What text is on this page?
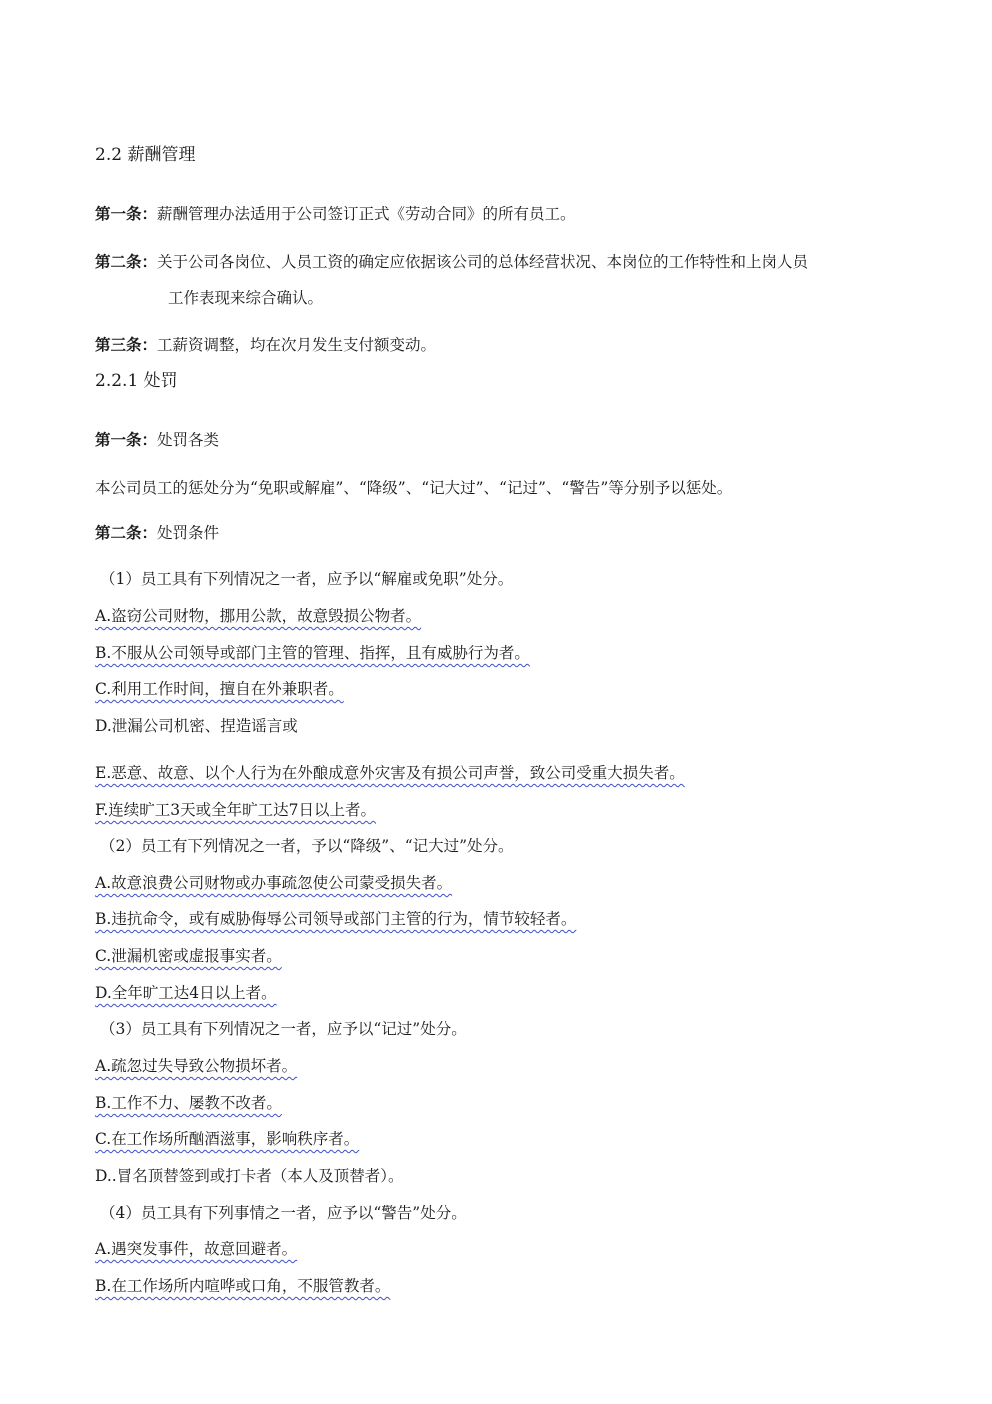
2.2 薪酬管理
第一条：薪酬管理办法适用于公司签订正式《劳动合同》的所有员工。
第二条：关于公司各岗位、人员工资的确定应依据该公司的总体经营状况、本岗位的工作特性和上岗人员
工作表现来综合确认。
第三条：工薪资调整，均在次月发生支付额变动。
2.2.1 处罚
第一条：处罚各类
本公司员工的惩处分为“免职或解雇”、“降级”、“记大过”、“记过”、“警告”等分别予以惩处。
第二条：处罚条件
（1）员工具有下列情况之一者，应予以“解雇或免职”处分。
A.盗窃公司财物，挪用公款，故意毁损公物者。
B.不服从公司领导或部门主管的管理、指挥，且有威胁行为者。
C.利用工作时间，擅自在外兼职者。
D.泄漏公司机密、捏造谣言或
E.恶意、故意、以个人行为在外酿成意外灾害及有损公司声誉，致公司受重大损失者。
F.连续旷工3天或全年旷工达7日以上者。
（2）员工有下列情况之一者，予以“降级”、“记大过”处分。
A.故意浪费公司财物或办事疏忽使公司蒙受损失者。
B.违抗命令，或有威胁侮辱公司领导或部门主管的行为，情节较轻者。
C.泄漏机密或虚报事实者。
D.全年旷工达4日以上者。
（3）员工具有下列情况之一者，应予以“记过”处分。
A.疏忽过失导致公物损坏者。
B.工作不力、屡教不改者。
C.在工作场所酗酒滋事，影响秩序者。
D..冒名顶替签到或打卡者（本人及顶替者）。
（4）员工具有下列事情之一者，应予以“警告”处分。
A.遇突发事件，故意回避者。
B.在工作场所内喧哗或口角，不服管教者。
